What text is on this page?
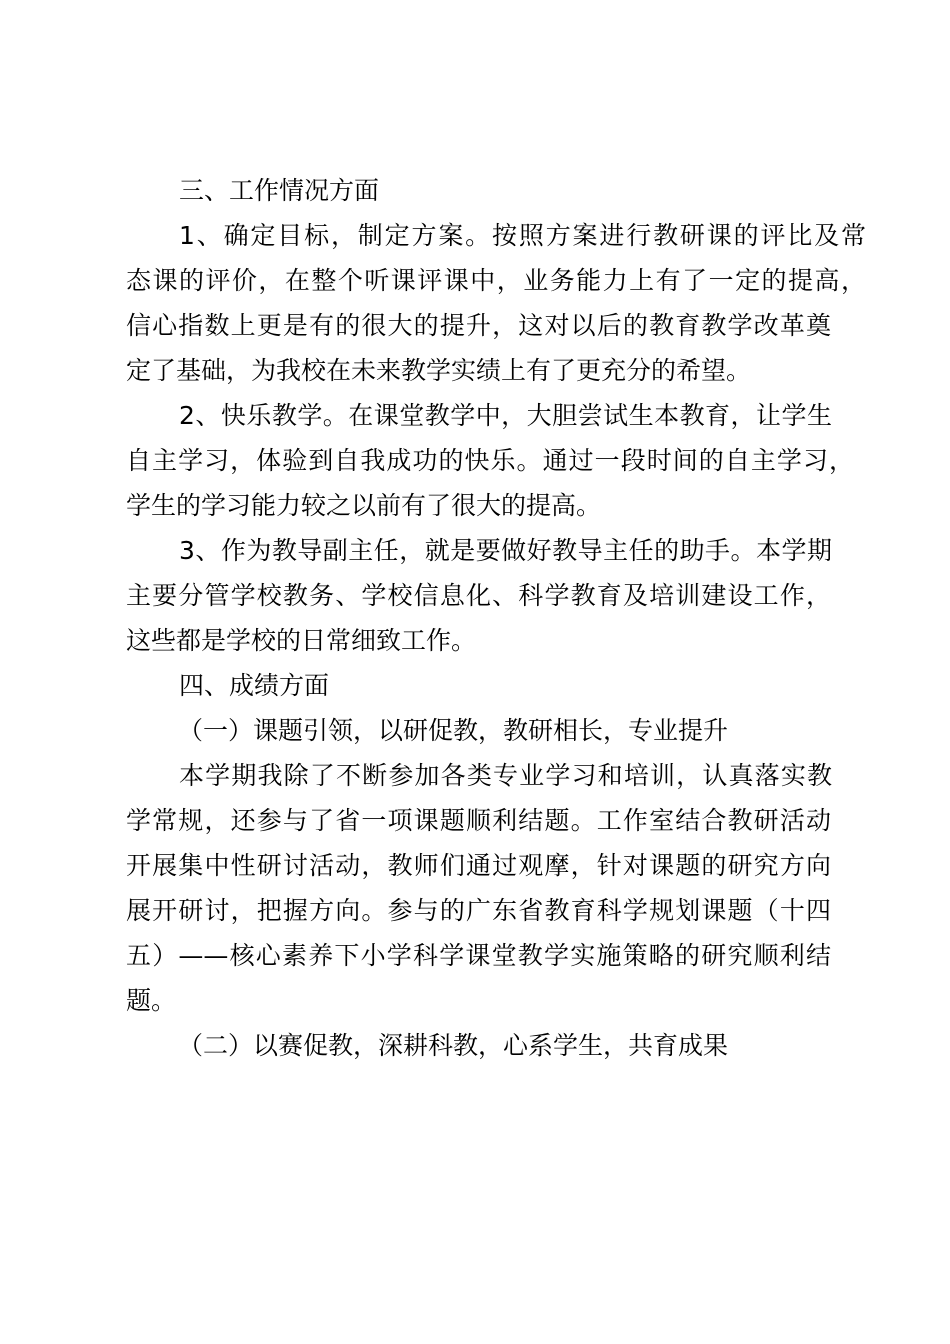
三、工作情况方面
1、确定目标，制定方案。按照方案进行教研课的评比及常
态课的评价，在整个听课评课中，业务能力上有了一定的提高，
信心指数上更是有的很大的提升，这对以后的教育教学改革奠
定了基础，为我校在未来教学实绩上有了更充分的希望。
2、快乐教学。在课堂教学中，大胆尝试生本教育，让学生
自主学习，体验到自我成功的快乐。通过一段时间的自主学习，
学生的学习能力较之以前有了很大的提高。
3、作为教导副主任，就是要做好教导主任的助手。本学期
主要分管学校教务、学校信息化、科学教育及培训建设工作，
这些都是学校的日常细致工作。
四、成绩方面
（一）课题引领，以研促教，教研相长，专业提升
本学期我除了不断参加各类专业学习和培训，认真落实教
学常规，还参与了省一项课题顺利结题。工作室结合教研活动
开展集中性研讨活动，教师们通过观摩，针对课题的研究方向
展开研讨，把握方向。参与的广东省教育科学规划课题（十四
五）——核心素养下小学科学课堂教学实施策略的研究顺利结
题。
（二）以赛促教，深耕科教，心系学生，共育成果
